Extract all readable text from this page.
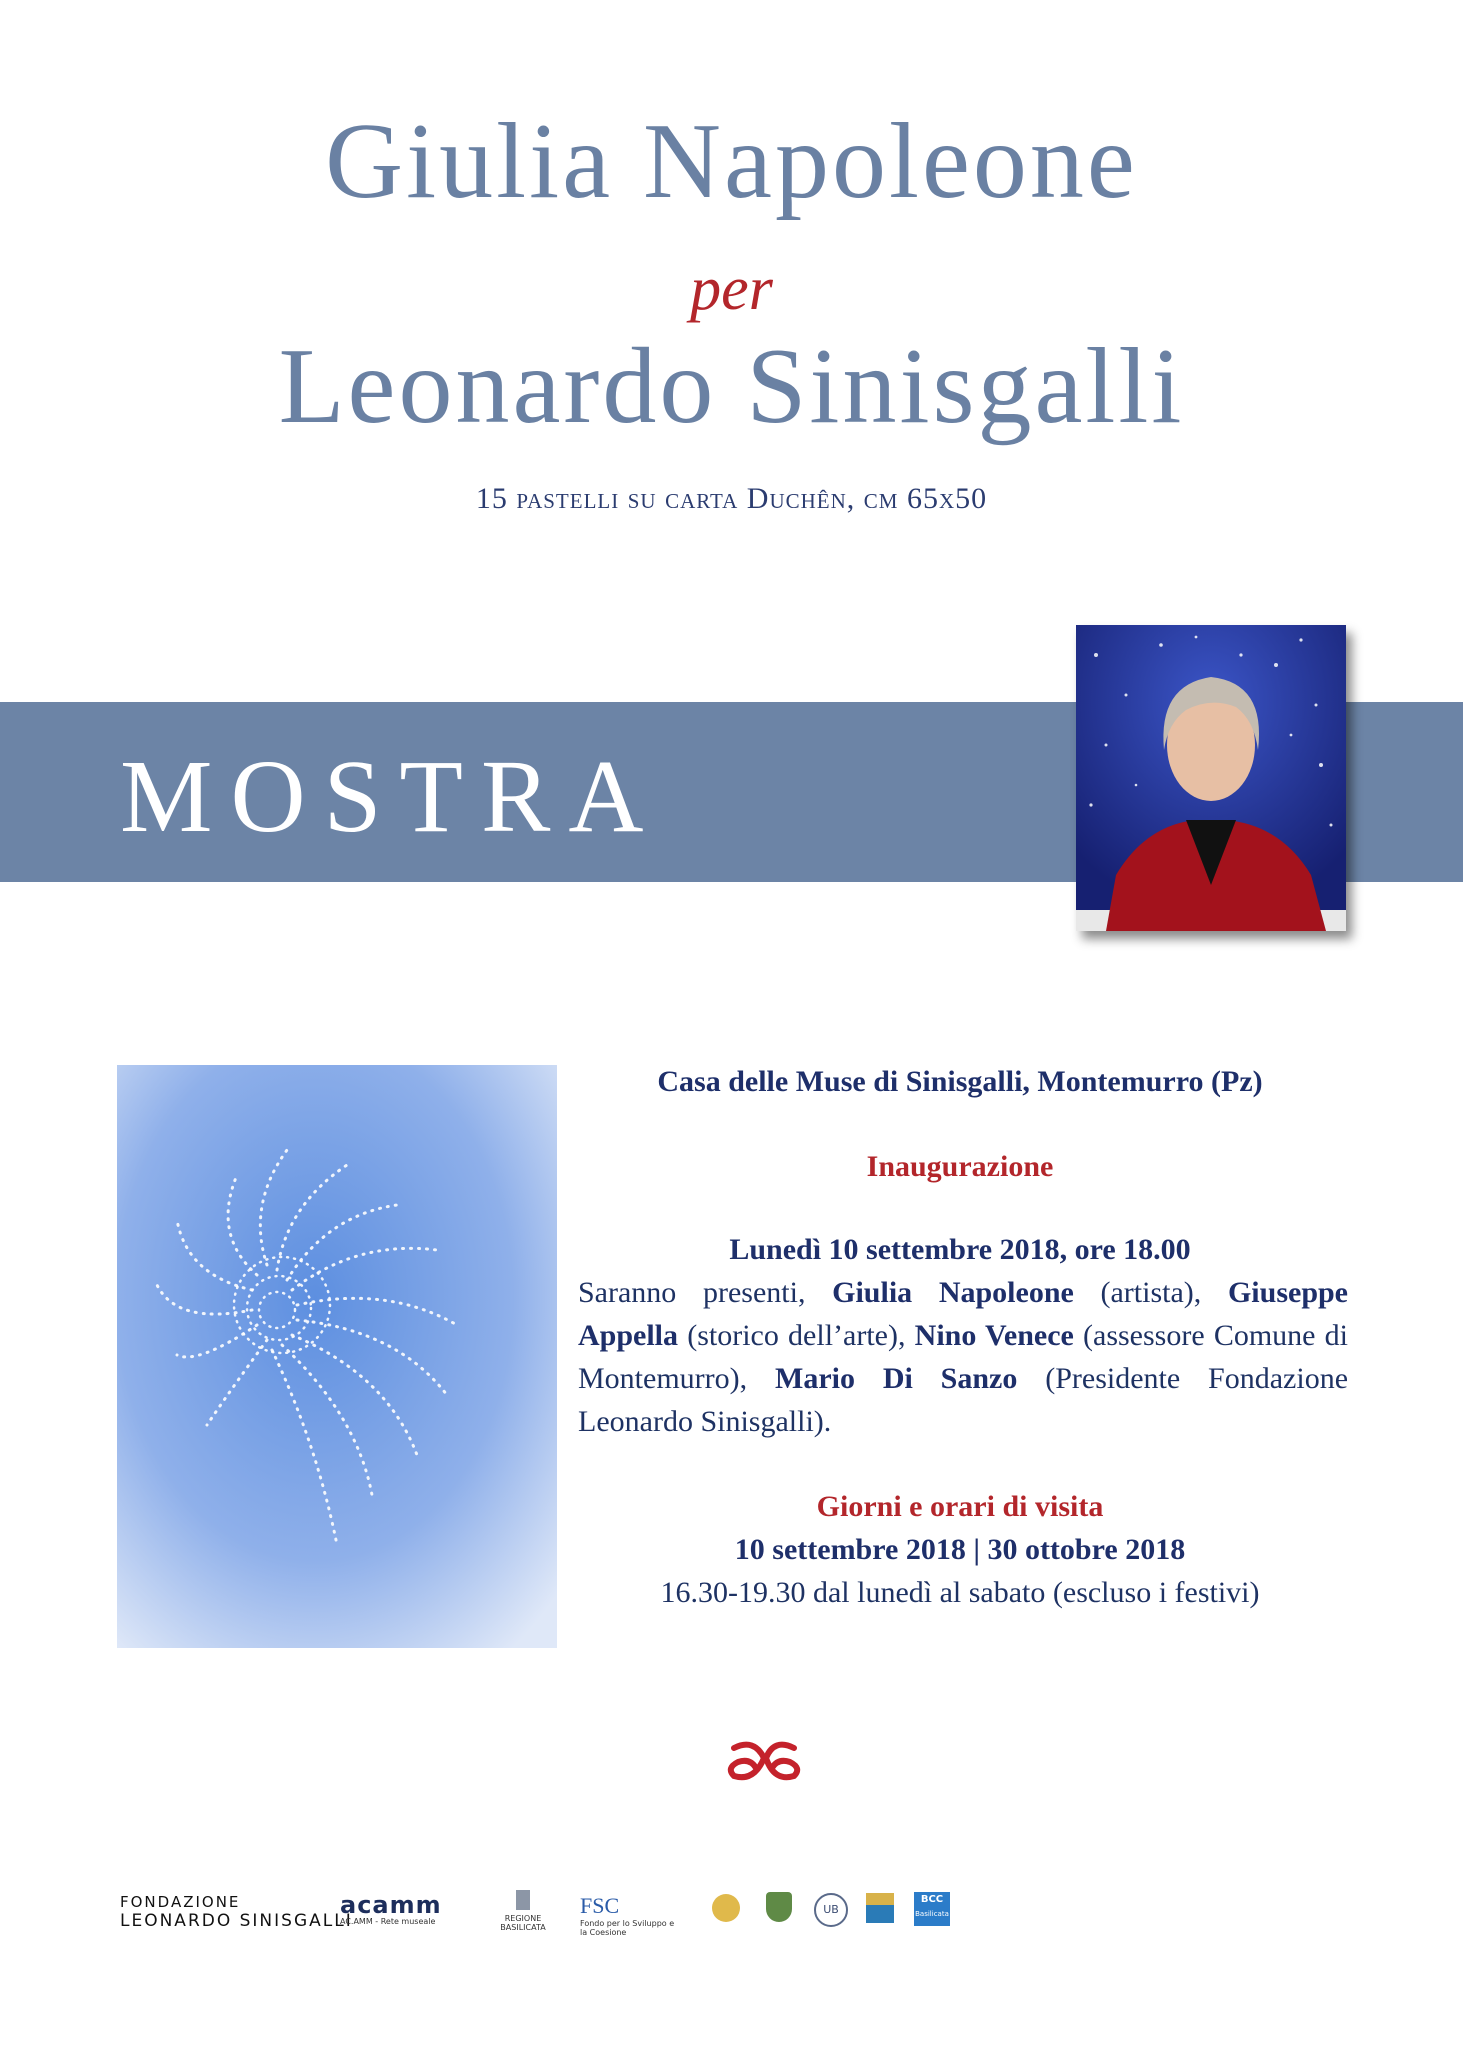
Giulia Napoleone
per
Leonardo Sinisgalli
15 pastelli su carta Duchên, cm 65x50
MOSTRA
Casa delle Muse di Sinisgalli, Montemurro (Pz)
Inaugurazione
Lunedì 10 settembre 2018, ore 18.00
Saranno presenti, Giulia Napoleone (artista), Giuseppe Appella (storico dell’arte), Nino Venece (assessore Comune di Montemurro), Mario Di Sanzo (Presidente Fondazione Leonardo Sinisgalli).
Giorni e orari di visita
10 settembre 2018 | 30 ottobre 2018
16.30-19.30 dal lunedì al sabato (escluso i festivi)
FONDAZIONE
LEONARDO SINISGALLI
acamm
AC.AMM - Rete museale	REGIONE BASILICATA
FSC
Fondo per lo Sviluppo e la Coesione
UB
BCC
Basilicata
